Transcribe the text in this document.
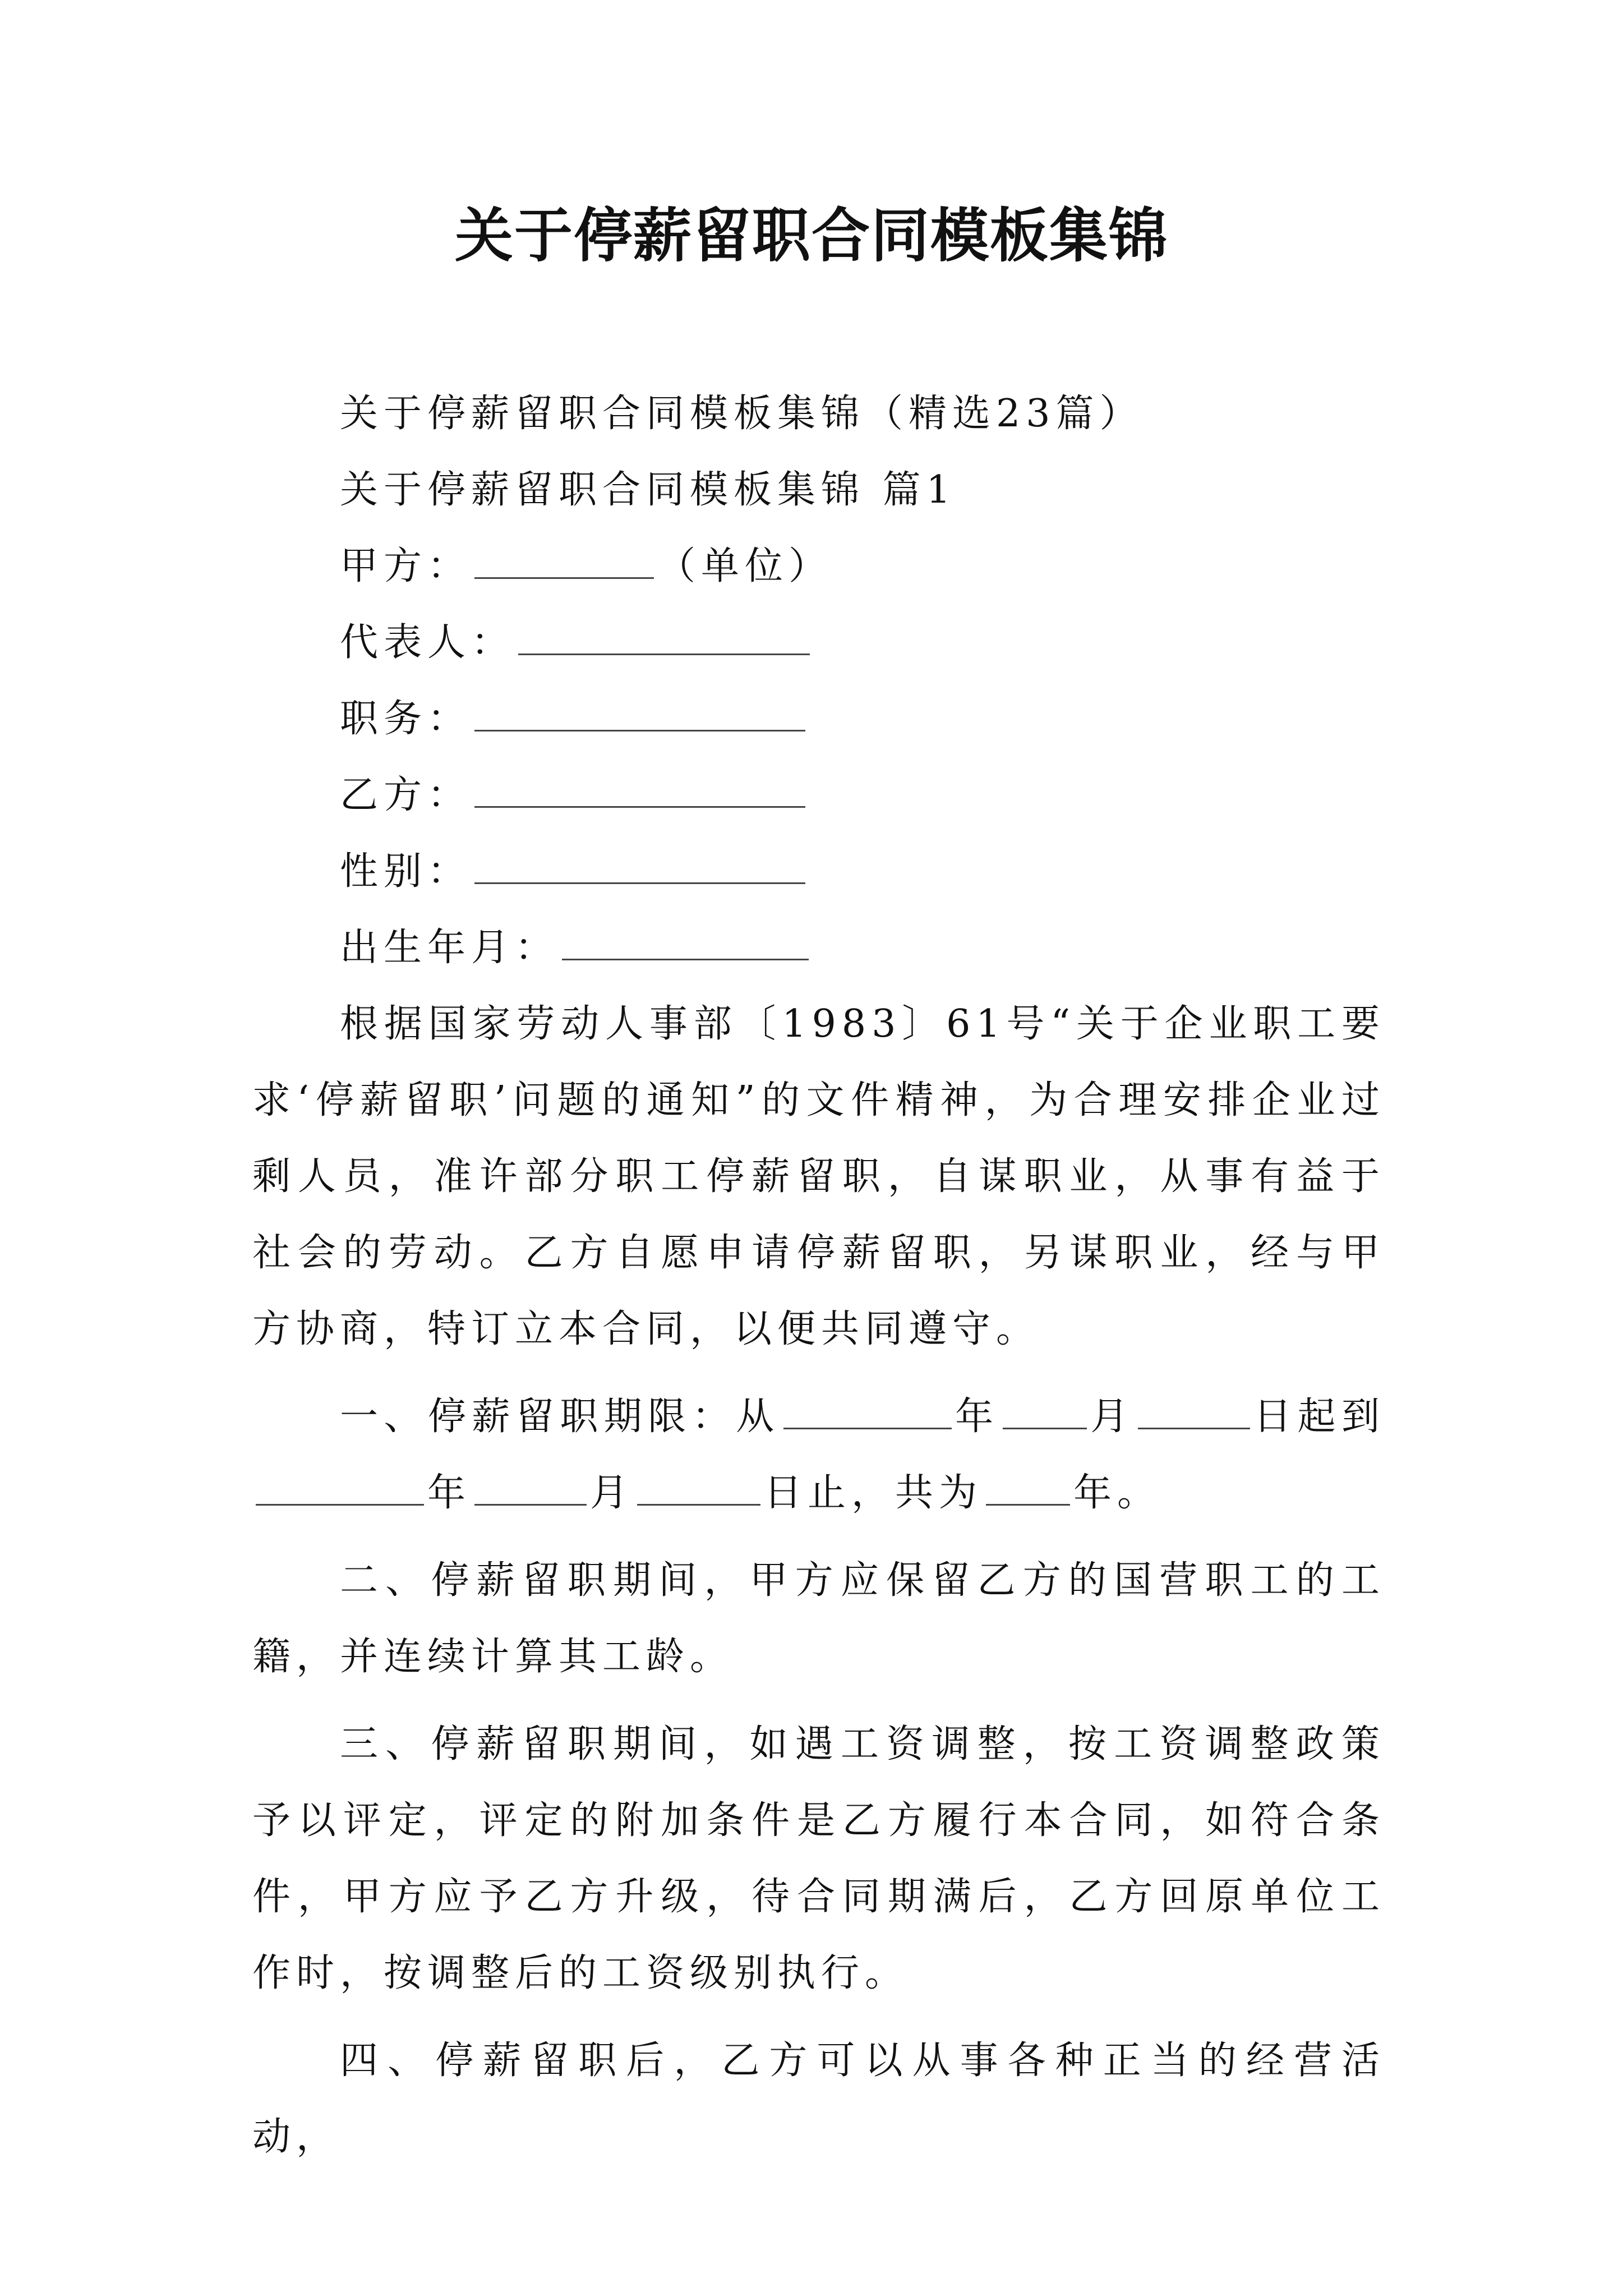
关于停薪留职合同模板集锦
关于停薪留职合同模板集锦（精选23篇）
关于停薪留职合同模板集锦 篇1
甲方：	（单位）
代表人：
职务：
乙方：
性别：
出生年月：
根据国家劳动人事部〔1983〕61号“关于企业职工要求‘停薪留职’问题的通知”的文件精神，为合理安排企业过剩人员，准许部分职工停薪留职，自谋职业，从事有益于社会的劳动。乙方自愿申请停薪留职，另谋职业，经与甲方协商，特订立本合同，以便共同遵守。
一、停薪留职期限：从	年 月	日起到年	月	日止，共为 年。
二、停薪留职期间，甲方应保留乙方的国营职工的工籍，并连续计算其工龄。
三、停薪留职期间，如遇工资调整，按工资调整政策予以评定，评定的附加条件是乙方履行本合同，如符合条件，甲方应予乙方升级，待合同期满后，乙方回原单位工作时，按调整后的工资级别执行。
四、停薪留职后，乙方可以从事各种正当的经营活动，
